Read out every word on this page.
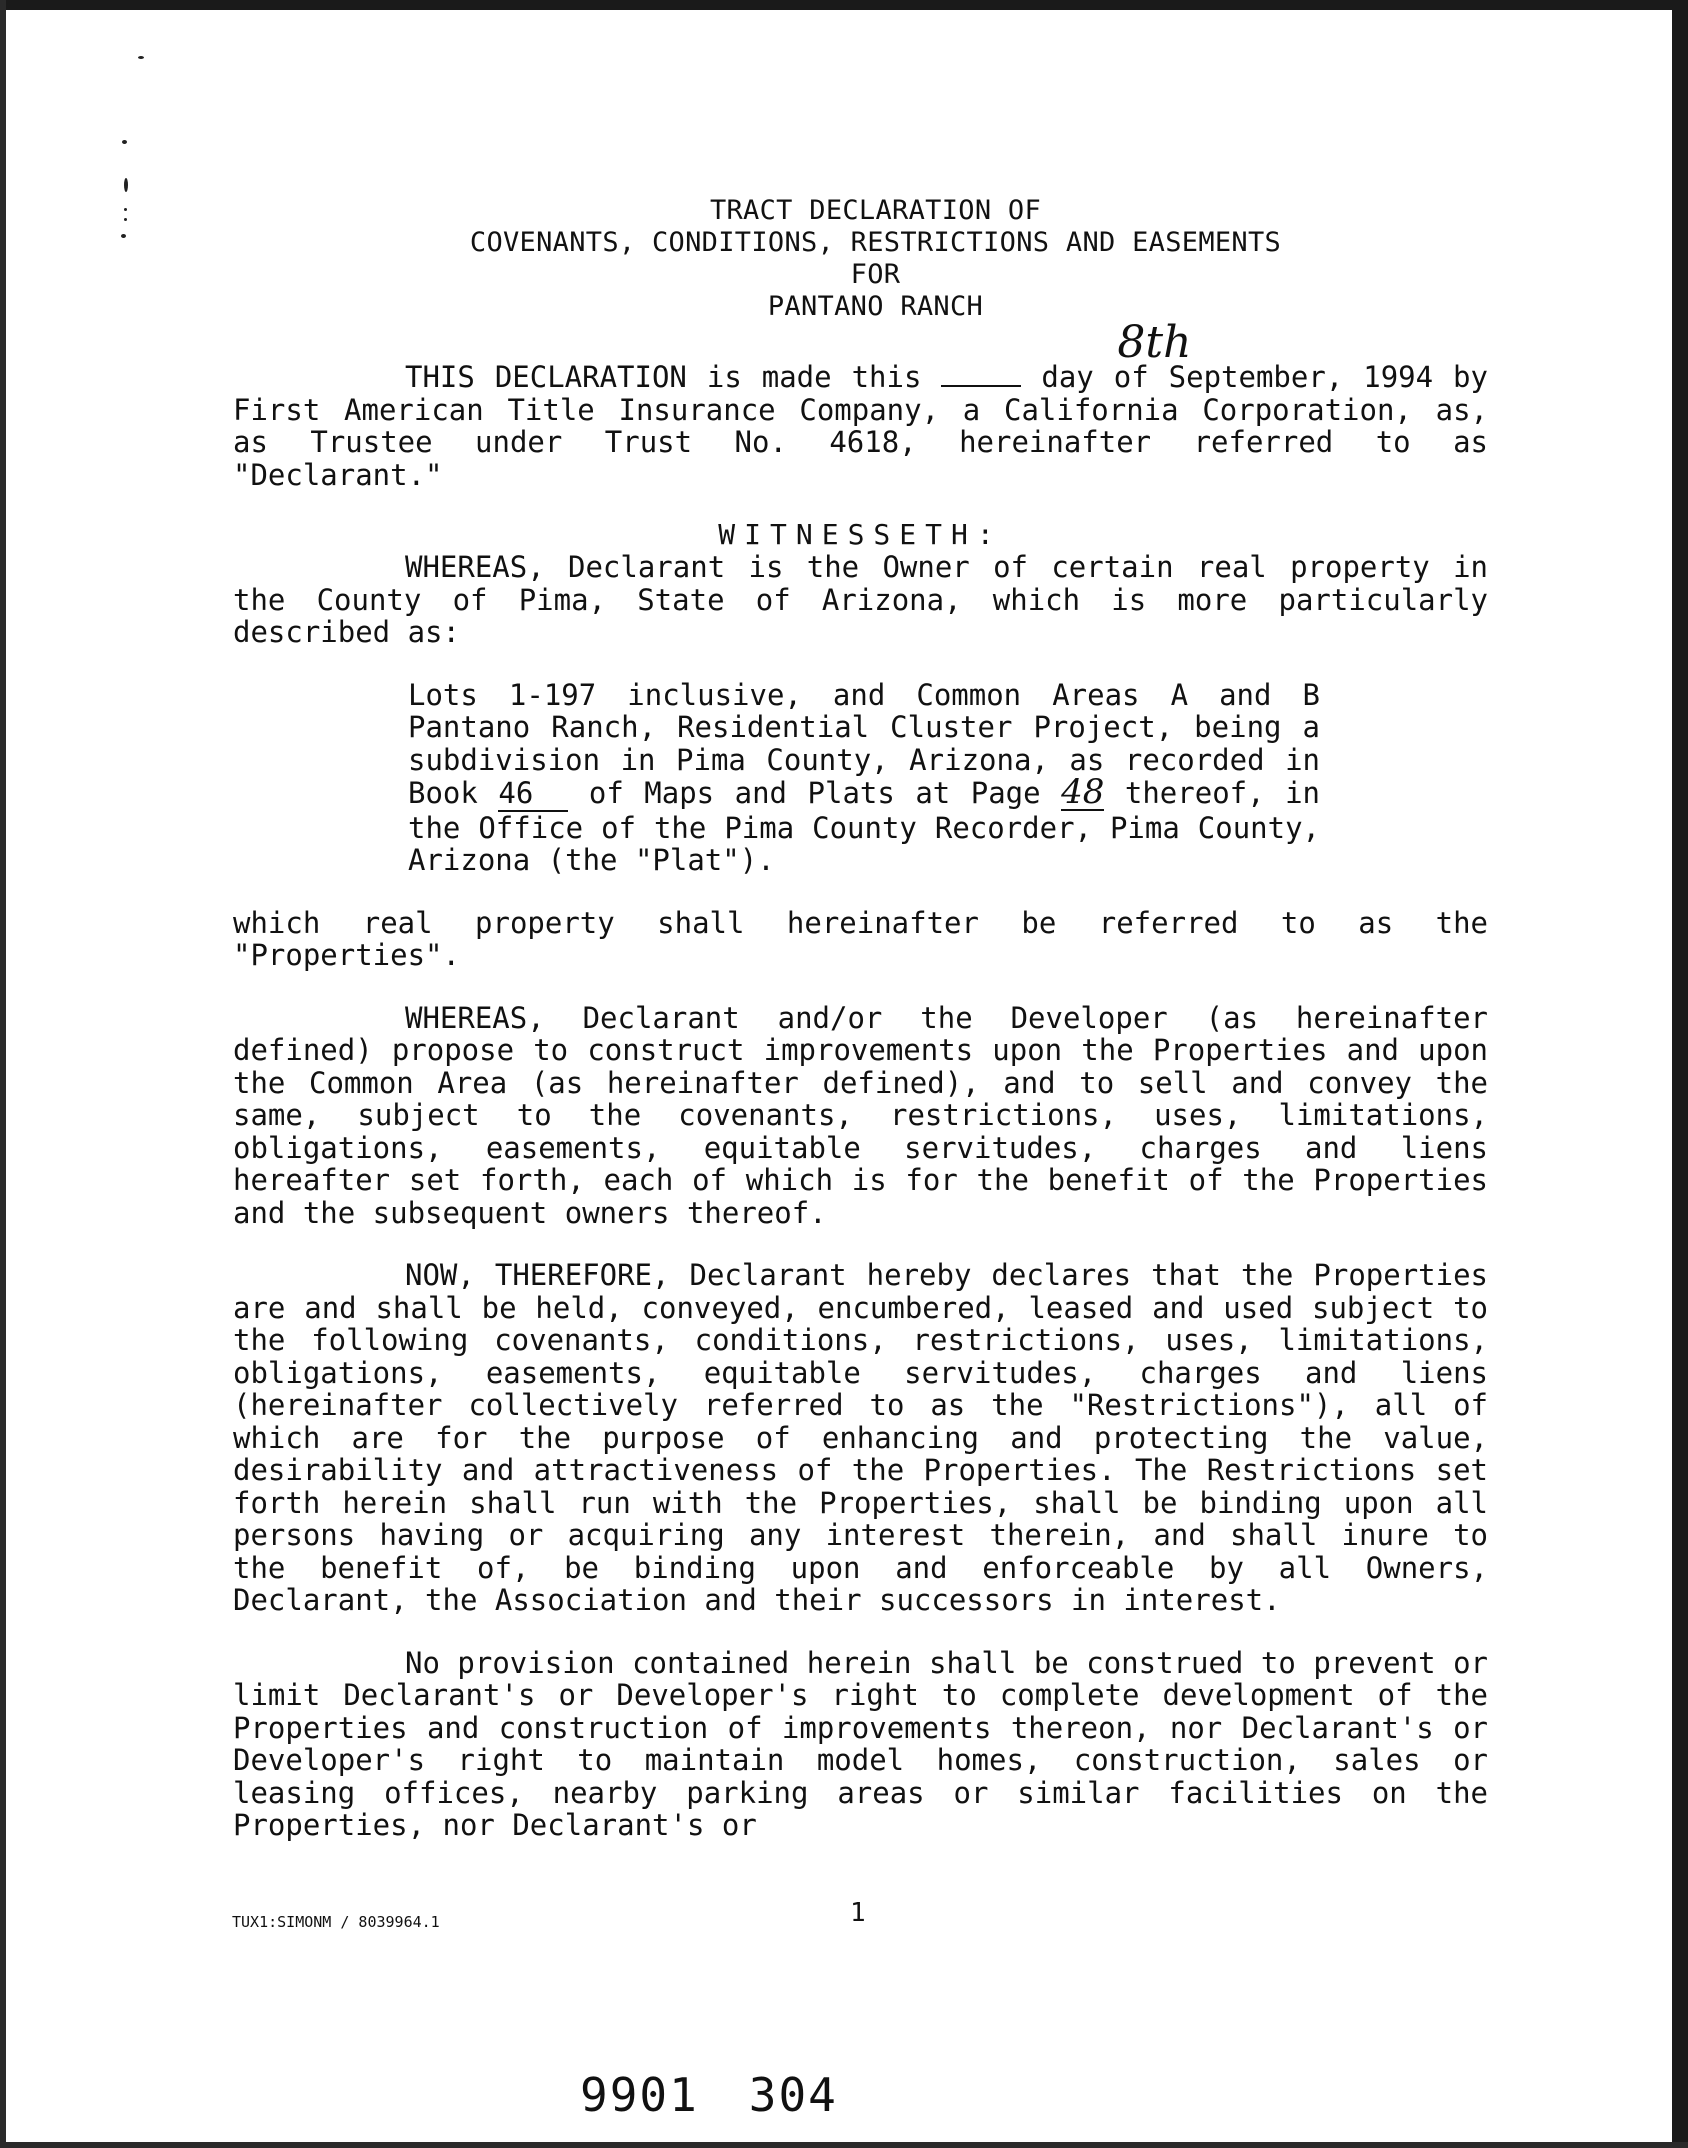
TRACT DECLARATION OF
COVENANTS, CONDITIONS, RESTRICTIONS AND EASEMENTS
FOR
PANTANO RANCH
THIS DECLARATION is made this
8th
day of September, 1994 by First American Title Insurance Company, a California Corporation, as, as Trustee under Trust No. 4618, hereinafter referred to as "Declarant."
WITNESSETH:
WHEREAS, Declarant is the Owner of certain real property in the County of Pima, State of Arizona, which is more particularly described as:
Lots 1-197 inclusive, and Common Areas A and B Pantano Ranch, Residential Cluster Project, being a subdivision in Pima County, Arizona, as recorded in Book 46 of Maps and Plats at Page 48 thereof, in the Office of the Pima County Recorder, Pima County, Arizona (the "Plat").
which real property shall hereinafter be referred to as the "Properties".
WHEREAS, Declarant and/or the Developer (as hereinafter defined) propose to construct improvements upon the Properties and upon the Common Area (as hereinafter defined), and to sell and convey the same, subject to the covenants, restrictions, uses, limitations, obligations, easements, equitable servitudes, charges and liens hereafter set forth, each of which is for the benefit of the Properties and the subsequent owners thereof.
NOW, THEREFORE, Declarant hereby declares that the Properties are and shall be held, conveyed, encumbered, leased and used subject to the following covenants, conditions, restrictions, uses, limitations, obligations, easements, equitable servitudes, charges and liens (hereinafter collectively referred to as the "Restrictions"), all of which are for the purpose of enhancing and protecting the value, desirability and attractiveness of the Properties. The Restrictions set forth herein shall run with the Properties, shall be binding upon all persons having or acquiring any interest therein, and shall inure to the benefit of, be binding upon and enforceable by all Owners, Declarant, the Association and their successors in interest.
No provision contained herein shall be construed to prevent or limit Declarant's or Developer's right to complete development of the Properties and construction of improvements thereon, nor Declarant's or Developer's right to maintain model homes, construction, sales or leasing offices, nearby parking areas or similar facilities on the Properties, nor Declarant's or
TUX1:SIMONM / 8039964.1	1
9901 304
